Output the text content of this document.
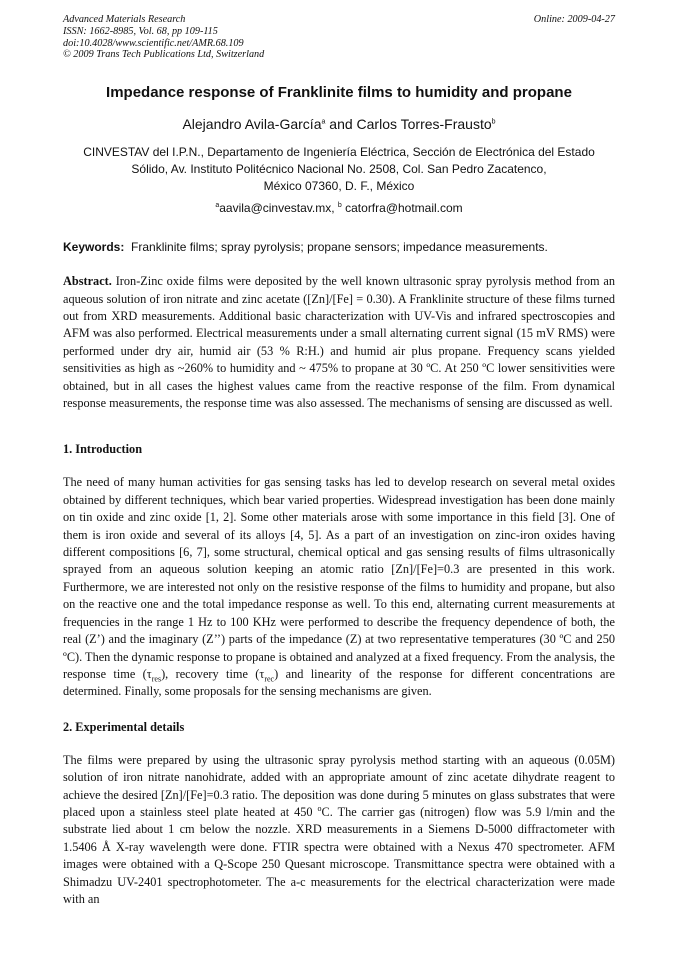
Advanced Materials Research
ISSN: 1662-8985, Vol. 68, pp 109-115
doi:10.4028/www.scientific.net/AMR.68.109
© 2009 Trans Tech Publications Ltd, Switzerland
Online: 2009-04-27
Impedance response of Franklinite films to humidity and propane
Alejandro Avila-García$^a$ and Carlos Torres-Frausto$^b$
CINVESTAV del I.P.N., Departamento de Ingeniería Eléctrica, Sección de Electrónica del Estado
Sólido, Av. Instituto Politécnico Nacional No. 2508, Col. San Pedro Zacatenco,
México 07360, D. F., México
$^a$aavila@cinvestav.mx, $^b$ catorfra@hotmail.com
Keywords: Franklinite films; spray pyrolysis; propane sensors; impedance measurements.

Abstract. Iron-Zinc oxide films were deposited by the well known ultrasonic spray pyrolysis method from an aqueous solution of iron nitrate and zinc acetate ([Zn]/[Fe] = 0.30). A Franklinite structure of these films turned out from XRD measurements. Additional basic characterization with UV-Vis and infrared spectroscopies and AFM was also performed. Electrical measurements under a small alternating current signal (15 mV RMS) were performed under dry air, humid air (53 % R:H.) and humid air plus propane. Frequency scans yielded sensitivities as high as ~260% to humidity and ~ 475% to propane at 30 ºC. At 250 ºC lower sensitivities were obtained, but in all cases the highest values came from the reactive response of the film. From dynamical response measurements, the response time was also assessed. The mechanisms of sensing are discussed as well.

1. Introduction

The need of many human activities for gas sensing tasks has led to develop research on several metal oxides obtained by different techniques, which bear varied properties. Widespread investigation has been done mainly on tin oxide and zinc oxide [1, 2]. Some other materials arose with some importance in this field [3]. One of them is iron oxide and several of its alloys [4, 5]. As a part of an investigation on zinc-iron oxides having different compositions [6, 7], some structural, chemical optical and gas sensing results of films ultrasonically sprayed from an aqueous solution keeping an atomic ratio [Zn]/[Fe]=0.3 are presented in this work. Furthermore, we are interested not only on the resistive response of the films to humidity and propane, but also on the reactive one and the total impedance response as well. To this end, alternating current measurements at frequencies in the range 1 Hz to 100 KHz were performed to describe the frequency dependence of both, the real (Z’) and the imaginary (Z’’) parts of the impedance (Z) at two representative temperatures (30 ºC and 250 ºC). Then the dynamic response to propane is obtained and analyzed at a fixed frequency. From the analysis, the response time $(\tau_{res})$, recovery time $(\tau_{rec})$ and linearity of the response for different concentrations are determined. Finally, some proposals for the sensing mechanisms are given.

2. Experimental details

The films were prepared by using the ultrasonic spray pyrolysis method starting with an aqueous (0.05M) solution of iron nitrate nanohidrate, added with an appropriate amount of zinc acetate dihydrate reagent to achieve the desired [Zn]/[Fe]=0.3 ratio. The deposition was done during 5 minutes on glass substrates that were placed upon a stainless steel plate heated at 450 $^o$C. The carrier gas (nitrogen) flow was 5.9 l/min and the substrate lied about 1 cm below the nozzle. XRD measurements in a Siemens D-5000 diffractometer with 1.5406 Å X-ray wavelength were done. FTIR spectra were obtained with a Nexus 470 spectrometer. AFM images were obtained with a Q-Scope 250 Quesant microscope. Transmittance spectra were obtained with a Shimadzu UV-2401 spectrophotometer. The a-c measurements for the electrical characterization were made with an
